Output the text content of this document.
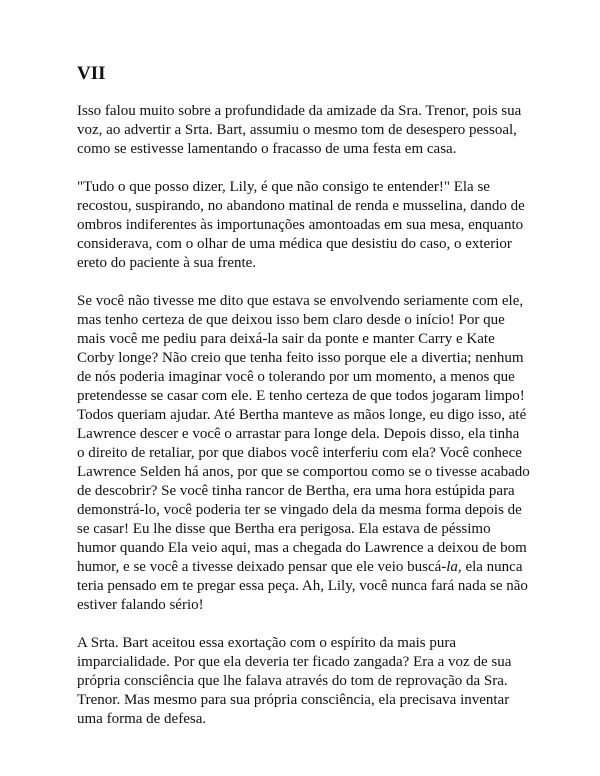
VII

Isso falou muito sobre a profundidade da amizade da Sra. Trenor, pois sua voz, ao advertir a Srta. Bart, assumiu o mesmo tom de desespero pessoal, como se estivesse lamentando o fracasso de uma festa em casa.

"Tudo o que posso dizer, Lily, é que não consigo te entender!" Ela se recostou, suspirando, no abandono matinal de renda e musselina, dando de ombros indiferentes às importunações amontoadas em sua mesa, enquanto considerava, com o olhar de uma médica que desistiu do caso, o exterior ereto do paciente à sua frente.

Se você não tivesse me dito que estava se envolvendo seriamente com ele, mas tenho certeza de que deixou isso bem claro desde o início! Por que mais você me pediu para deixá-la sair da ponte e manter Carry e Kate Corby longe? Não creio que tenha feito isso porque ele a divertia; nenhum de nós poderia imaginar você o tolerando por um momento, a menos que pretendesse se casar com ele. E tenho certeza de que todos jogaram limpo! Todos queriam ajudar. Até Bertha manteve as mãos longe, eu digo isso, até Lawrence descer e você o arrastar para longe dela. Depois disso, ela tinha o direito de retaliar, por que diabos você interferiu com ela? Você conhece Lawrence Selden há anos, por que se comportou como se o tivesse acabado de descobrir? Se você tinha rancor de Bertha, era uma hora estúpida para demonstrá-lo, você poderia ter se vingado dela da mesma forma depois de se casar! Eu lhe disse que Bertha era perigosa. Ela estava de péssimo humor quando Ela veio aqui, mas a chegada do Lawrence a deixou de bom humor, e se você a tivesse deixado pensar que ele veio buscá-la, ela nunca teria pensado em te pregar essa peça. Ah, Lily, você nunca fará nada se não estiver falando sério!

A Srta. Bart aceitou essa exortação com o espírito da mais pura imparcialidade. Por que ela deveria ter ficado zangada? Era a voz de sua própria consciência que lhe falava através do tom de reprovação da Sra. Trenor. Mas mesmo para sua própria consciência, ela precisava inventar uma forma de defesa.
